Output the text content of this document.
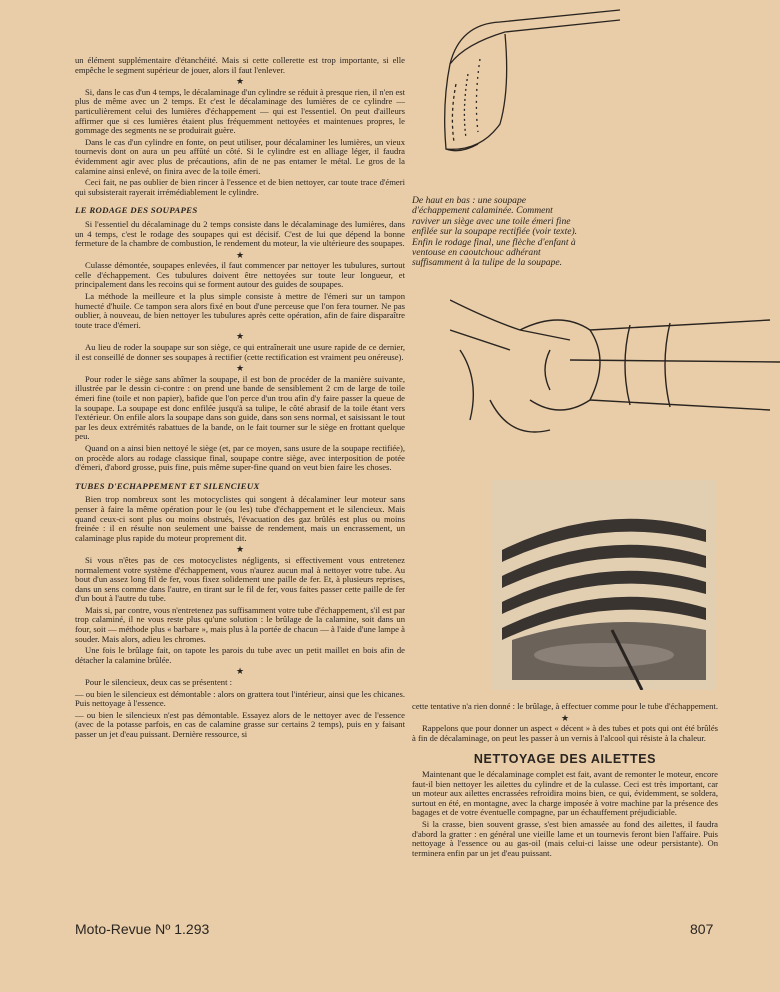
un élément supplémentaire d'étanchéité. Mais si cette collerette est trop importante, si elle empêche le segment supérieur de jouer, alors il faut l'enlever.

★

Si, dans le cas d'un 4 temps, le décalaminage d'un cylindre se réduit à presque rien, il n'en est plus de même avec un 2 temps. Et c'est le décalaminage des lumières de ce cylindre — particulièrement celui des lumières d'échappement — qui est l'essentiel. On peut d'ailleurs affirmer que si ces lumières étaient plus fréquemment nettoyées et maintenues propres, le gommage des segments ne se produirait guère.

Dans le cas d'un cylindre en fonte, on peut utiliser, pour décalaminer les lumières, un vieux tournevis dont on aura un peu affûté un côté. Si le cylindre est en alliage léger, il faudra évidemment agir avec plus de précautions, afin de ne pas entamer le métal. Le gros de la calamine ainsi enlevé, on finira avec de la toile émeri.

Ceci fait, ne pas oublier de bien rincer à l'essence et de bien nettoyer, car toute trace d'émeri qui subsisterait rayerait irrémédiablement le cylindre.

LE RODAGE DES SOUPAPES

Si l'essentiel du décalaminage du 2 temps consiste dans le décalaminage des lumières, dans un 4 temps, c'est le rodage des soupapes qui est décisif. C'est de lui que dépend la bonne fermeture de la chambre de combustion, le rendement du moteur, la vie ultérieure des soupapes.

★

Culasse démontée, soupapes enlevées, il faut commencer par nettoyer les tubulures, surtout celle d'échappement. Ces tubulures doivent être nettoyées sur toute leur longueur, et principalement dans les recoins qui se forment autour des guides de soupapes.

La méthode la meilleure et la plus simple consiste à mettre de l'émeri sur un tampon humecté d'huile. Ce tampon sera alors fixé en bout d'une perceuse que l'on fera tourner. Ne pas oublier, à nouveau, de bien nettoyer les tubulures après cette opération, afin de faire disparaître toute trace d'émeri.

★

Au lieu de roder la soupape sur son siège, ce qui entraînerait une usure rapide de ce dernier, il est conseillé de donner ses soupapes à rectifier (cette rectification est vraiment peu onéreuse).

★

Pour roder le siège sans abîmer la soupape, il est bon de procéder de la manière suivante, illustrée par le dessin ci-contre : on prend une bande de sensiblement 2 cm de large de toile émeri fine (toile et non papier), bafide que l'on perce d'un trou afin d'y faire passer la queue de la soupape. La soupape est donc enfilée jusqu'à sa tulipe, le côté abrasif de la toile étant vers l'extérieur. On enfile alors la soupape dans son guide, dans son sens normal, et saisissant le tout par les deux extrémités rabattues de la bande, on le fait tourner sur le siège en frottant quelque peu.

Quand on a ainsi bien nettoyé le siège (et, par ce moyen, sans usure de la soupape rectifiée), on procède alors au rodage classique final, soupape contre siège, avec interposition de potée d'émeri, d'abord grosse, puis fine, puis même super-fine quand on veut bien faire les choses.

TUBES D'ECHAPPEMENT ET SILENCIEUX

Bien trop nombreux sont les motocyclistes qui songent à décalaminer leur moteur sans penser à faire la même opération pour le (ou les) tube d'échappement et le silencieux. Mais quand ceux-ci sont plus ou moins obstrués, l'évacuation des gaz brûlés est plus ou moins freinée : il en résulte non seulement une baisse de rendement, mais un encrassement, un calaminage plus rapide du moteur proprement dit.

★

Si vous n'êtes pas de ces motocyclistes négligents, si effectivement vous entretenez normalement votre système d'échappement, vous n'aurez aucun mal à nettoyer votre tube. Au bout d'un assez long fil de fer, vous fixez solidement une paille de fer. Et, à plusieurs reprises, dans un sens comme dans l'autre, en tirant sur le fil de fer, vous faites passer cette paille de fer d'un bout à l'autre du tube.

Mais si, par contre, vous n'entretenez pas suffisamment votre tube d'échappement, s'il est par trop calaminé, il ne vous reste plus qu'une solution : le brûlage de la calamine, soit dans un four, soit — méthode plus « barbare », mais plus à la portée de chacun — à l'aide d'une lampe à souder. Mais alors, adieu les chromes.

Une fois le brûlage fait, on tapote les parois du tube avec un petit maillet en bois afin de détacher la calamine brûlée.

★

Pour le silencieux, deux cas se présentent :

— ou bien le silencieux est démontable : alors on grattera tout l'intérieur, ainsi que les chicanes. Puis nettoyage à l'essence.

— ou bien le silencieux n'est pas démontable. Essayez alors de le nettoyer avec de l'essence (avec de la potasse parfois, en cas de calamine grasse sur certains 2 temps), puis en y faisant passer un jet d'eau puissant. Dernière ressource, si

De haut en bas : une soupape d'échappement calaminée. Comment raviver un siège avec une toile émeri fine enfilée sur la soupape rectifiée (voir texte). Enfin le rodage final, une flèche d'enfant à ventouse en caoutchouc adhérant suffisamment à la tulipe de la soupape.

cette tentative n'a rien donné : le brûlage, à effectuer comme pour le tube d'échappement.

★

Rappelons que pour donner un aspect « décent » à des tubes et pots qui ont été brûlés à fin de décalaminage, on peut les passer à un vernis à l'alcool qui résiste à la chaleur.

NETTOYAGE DES AILETTES

Maintenant que le décalaminage complet est fait, avant de remonter le moteur, encore faut-il bien nettoyer les ailettes du cylindre et de la culasse. Ceci est très important, car un moteur aux ailettes encrassées refroidira moins bien, ce qui, évidemment, se soldera, surtout en été, en montagne, avec la charge imposée à votre machine par la présence des bagages et de votre éventuelle compagne, par un échauffement préjudiciable.

Si la crasse, bien souvent grasse, s'est bien amassée au fond des ailettes, il faudra d'abord la gratter : en général une vieille lame et un tournevis feront bien l'affaire. Puis nettoyage à l'essence ou au gas-oil (mais celui-ci laisse une odeur persistante). On terminera enfin par un jet d'eau puissant.

Moto-Revue Nº 1.293	807
